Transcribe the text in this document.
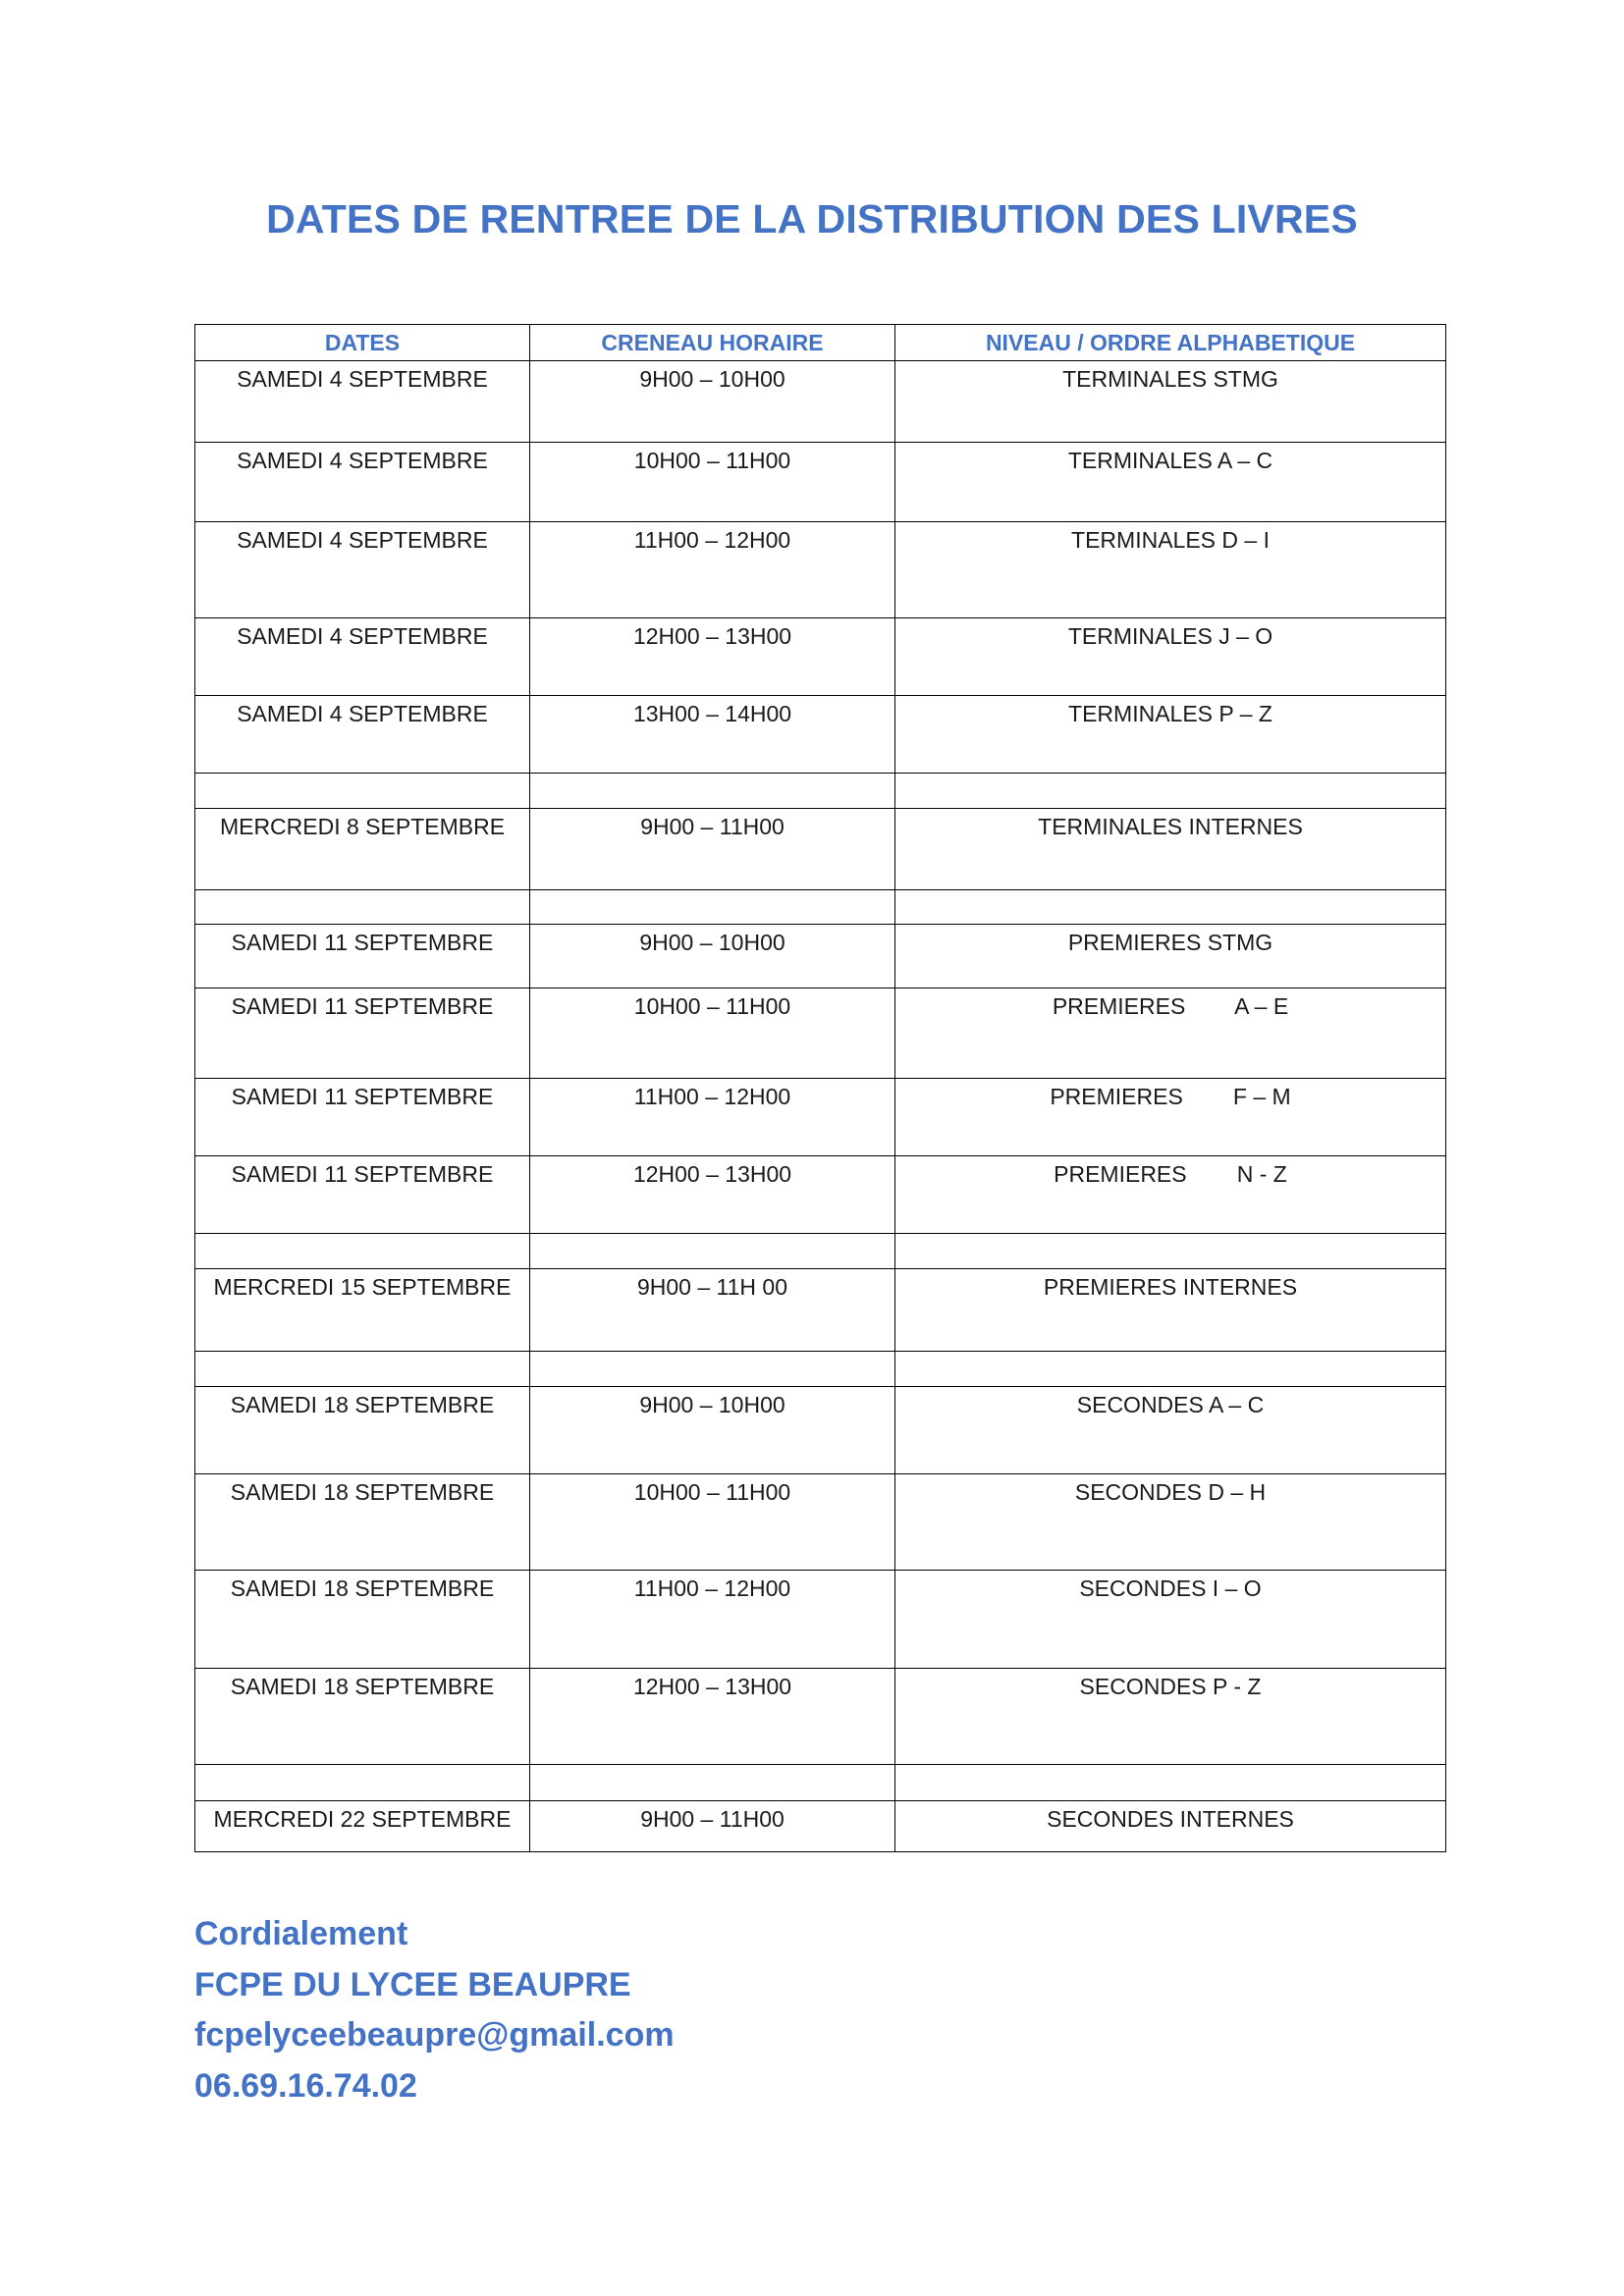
DATES DE RENTREE DE LA DISTRIBUTION DES LIVRES
DATES	CRENEAU HORAIRE	NIVEAU / ORDRE ALPHABETIQUE
SAMEDI 4 SEPTEMBRE	9H00 – 10H00	TERMINALES STMG
SAMEDI 4 SEPTEMBRE	10H00 – 11H00	TERMINALES A – C
SAMEDI 4 SEPTEMBRE	11H00 – 12H00	TERMINALES D – I
SAMEDI 4 SEPTEMBRE	12H00 – 13H00	TERMINALES J – O
SAMEDI 4 SEPTEMBRE	13H00 – 14H00	TERMINALES P – Z

MERCREDI 8 SEPTEMBRE	9H00 – 11H00	TERMINALES INTERNES

SAMEDI 11 SEPTEMBRE	9H00 – 10H00	PREMIERES STMG
SAMEDI 11 SEPTEMBRE	10H00 – 11H00	PREMIERES        A – E
SAMEDI 11 SEPTEMBRE	11H00 – 12H00	PREMIERES        F – M
SAMEDI 11 SEPTEMBRE	12H00 – 13H00	PREMIERES        N - Z

MERCREDI 15 SEPTEMBRE	9H00 – 11H 00	PREMIERES INTERNES

SAMEDI 18 SEPTEMBRE	9H00 – 10H00	SECONDES A – C
SAMEDI 18 SEPTEMBRE	10H00 – 11H00	SECONDES D – H
SAMEDI 18 SEPTEMBRE	11H00 – 12H00	SECONDES I – O
SAMEDI 18 SEPTEMBRE	12H00 – 13H00	SECONDES P - Z

MERCREDI 22 SEPTEMBRE	9H00 – 11H00	SECONDES INTERNES
Cordialement
FCPE DU LYCEE BEAUPRE
fcpelyceebeaupre@gmail.com
06.69.16.74.02
